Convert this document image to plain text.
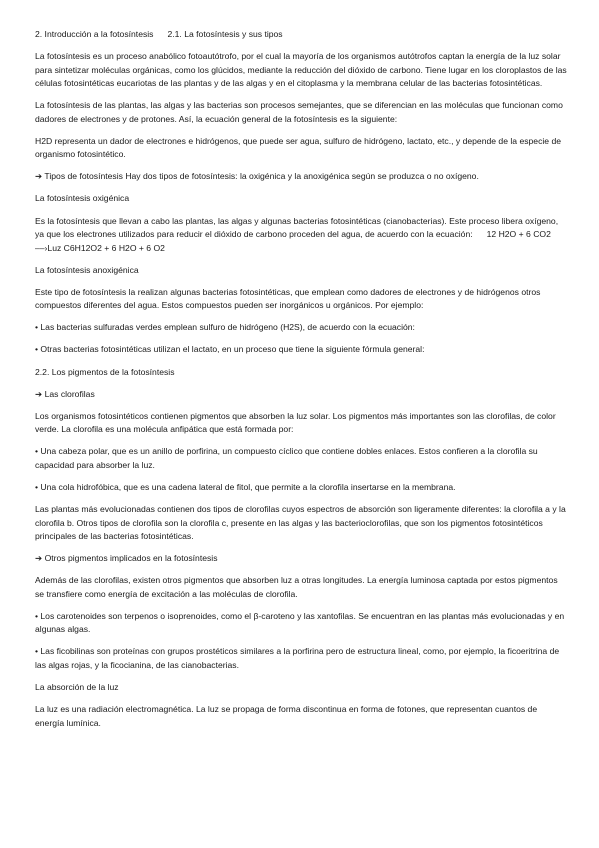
2. Introducción a la fotosíntesis 2.1. La fotosíntesis y sus tipos

La fotosíntesis es un proceso anabólico fotoautótrofo, por el cual la mayoría de los organismos autótrofos captan la energía de la luz solar para sintetizar moléculas orgánicas, como los glúcidos, mediante la reducción del dióxido de carbono. Tiene lugar en los cloroplastos de las células fotosintéticas eucariotas de las plantas y de las algas y en el citoplasma y la membrana celular de las bacterias fotosintéticas.

La fotosíntesis de las plantas, las algas y las bacterias son procesos semejantes, que se diferencian en las moléculas que funcionan como dadores de electrones y de protones. Así, la ecuación general de la fotosíntesis es la siguiente:

H2D representa un dador de electrones e hidrógenos, que puede ser agua, sulfuro de hidrógeno, lactato, etc., y depende de la especie de organismo fotosintético.

➔ Tipos de fotosíntesis Hay dos tipos de fotosíntesis: la oxigénica y la anoxigénica según se produzca o no oxígeno.

La fotosíntesis oxigénica

Es la fotosíntesis que llevan a cabo las plantas, las algas y algunas bacterias fotosintéticas (cianobacterias). Este proceso libera oxígeno, ya que los electrones utilizados para reducir el dióxido de carbono proceden del agua, de acuerdo con la ecuación: 12 H2O + 6 CO2 ––›Luz C6H12O2 + 6 H2O + 6 O2

La fotosíntesis anoxigénica

Este tipo de fotosíntesis la realizan algunas bacterias fotosintéticas, que emplean como dadores de electrones y de hidrógenos otros compuestos diferentes del agua. Estos compuestos pueden ser inorgánicos u orgánicos. Por ejemplo:

• Las bacterias sulfuradas verdes emplean sulfuro de hidrógeno (H2S), de acuerdo con la ecuación:

• Otras bacterias fotosintéticas utilizan el lactato, en un proceso que tiene la siguiente fórmula general:

2.2. Los pigmentos de la fotosíntesis

➔ Las clorofilas

Los organismos fotosintéticos contienen pigmentos que absorben la luz solar. Los pigmentos más importantes son las clorofilas, de color verde. La clorofila es una molécula anfipática que está formada por:

• Una cabeza polar, que es un anillo de porfirina, un compuesto cíclico que contiene dobles enlaces. Estos confieren a la clorofila su capacidad para absorber la luz.

• Una cola hidrofóbica, que es una cadena lateral de fitol, que permite a la clorofila insertarse en la membrana.

Las plantas más evolucionadas contienen dos tipos de clorofilas cuyos espectros de absorción son ligeramente diferentes: la clorofila a y la clorofila b. Otros tipos de clorofila son la clorofila c, presente en las algas y las bacterioclorofilas, que son los pigmentos fotosintéticos principales de las bacterias fotosintéticas.

➔ Otros pigmentos implicados en la fotosíntesis

Además de las clorofilas, existen otros pigmentos que absorben luz a otras longitudes. La energía luminosa captada por estos pigmentos se transfiere como energía de excitación a las moléculas de clorofila.

• Los carotenoides son terpenos o isoprenoides, como el β-caroteno y las xantofilas. Se encuentran en las plantas más evolucionadas y en algunas algas.

• Las ficobilinas son proteínas con grupos prostéticos similares a la porfirina pero de estructura lineal, como, por ejemplo, la ficoeritrina de las algas rojas, y la ficocianina, de las cianobacterias.

La absorción de la luz

La luz es una radiación electromagnética. La luz se propaga de forma discontinua en forma de fotones, que representan cuantos de energía lumínica.
